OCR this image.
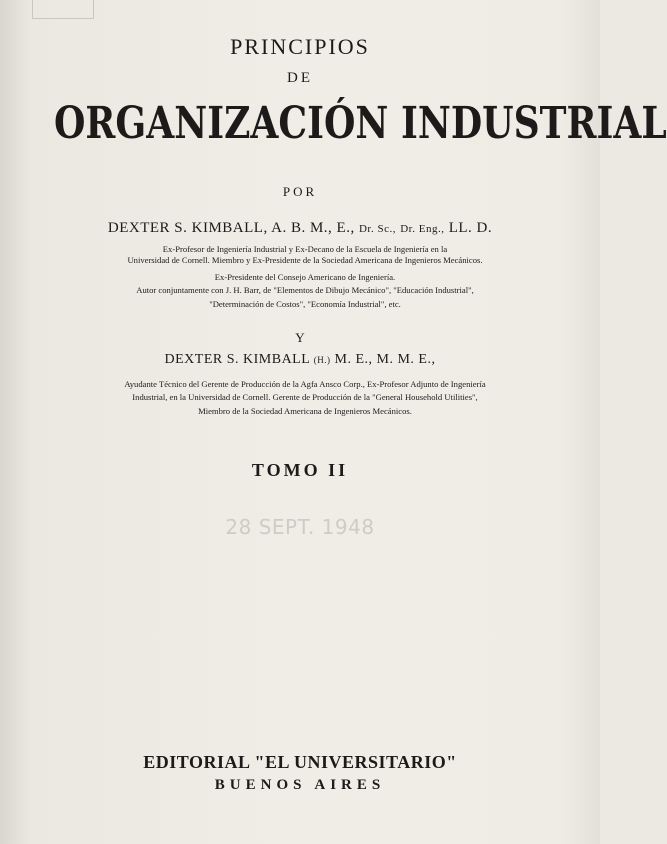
PRINCIPIOS
DE
ORGANIZACIÓN INDUSTRIAL
POR
DEXTER S. KIMBALL, A. B. M., E., Dr. Sc., Dr. Eng., LL. D.
Ex-Profesor de Ingeniería Industrial y Ex-Decano de la Escuela de Ingeniería en la
Universidad de Cornell. Miembro y Ex-Presidente de la Sociedad Americana de Ingenieros Mecánicos.
Ex-Presidente del Consejo Americano de Ingeniería.
Autor conjuntamente con J. H. Barr, de "Elementos de Dibujo Mecánico", "Educación Industrial",
"Determinación de Costos", "Economía Industrial", etc.
Y
DEXTER S. KIMBALL (H.) M. E., M. M. E.,
Ayudante Técnico del Gerente de Producción de la Agfa Ansco Corp., Ex-Profesor Adjunto de Ingeniería
Industrial, en la Universidad de Cornell. Gerente de Producción de la "General Household Utilities",
Miembro de la Sociedad Americana de Ingenieros Mecánicos.
TOMO II
28 SEPT. 1948
EDITORIAL "EL UNIVERSITARIO"
BUENOS AIRES
